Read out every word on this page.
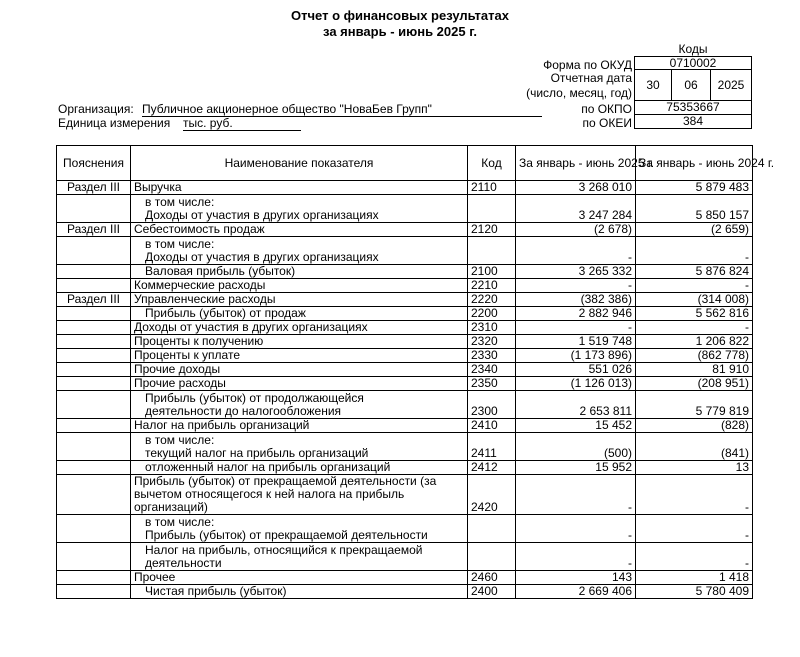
Отчет о финансовых результатах
за январь - июнь 2025 г.
Коды
Форма по ОКУД	0710002
Отчетная дата
(число, месяц, год)
30	06	2025
по ОКПО	75353667
по ОКЕИ	384
Организация: Публичное акционерное общество "НоваБев Групп"
Единица измерения тыс. руб.
Пояснения	Наименование показателя	Код	За январь - июнь 2025 г.	За январь - июнь 2024 г.
Раздел III	Выручка	2110	3 268 010	5 879 483
	в том числе:
Доходы от участия в других организациях		3 247 284	5 850 157
Раздел III	Себестоимость продаж	2120	(2 678)	(2 659)
	в том числе:
Доходы от участия в других организациях		-	-
	Валовая прибыль (убыток)	2100	3 265 332	5 876 824
	Коммерческие расходы	2210	-	-
Раздел III	Управленческие расходы	2220	(382 386)	(314 008)
	Прибыль (убыток) от продаж	2200	2 882 946	5 562 816
	Доходы от участия в других организациях	2310	-	-
	Проценты к получению	2320	1 519 748	1 206 822
	Проценты к уплате	2330	(1 173 896)	(862 778)
	Прочие доходы	2340	551 026	81 910
	Прочие расходы	2350	(1 126 013)	(208 951)
	Прибыль (убыток) от продолжающейся
деятельности до налогообложения	2300	2 653 811	5 779 819
	Налог на прибыль организаций	2410	15 452	(828)
	в том числе:
текущий налог на прибыль организаций	2411	(500)	(841)
	отложенный налог на прибыль организаций	2412	15 952	13
	Прибыль (убыток) от прекращаемой деятельности (за
вычетом относящегося к ней налога на прибыль
организаций)	2420	-	-
	в том числе:
Прибыль (убыток) от прекращаемой деятельности		-	-
	Налог на прибыль, относящийся к прекращаемой
деятельности		-	-
	Прочее	2460	143	1 418
	Чистая прибыль (убыток)	2400	2 669 406	5 780 409
